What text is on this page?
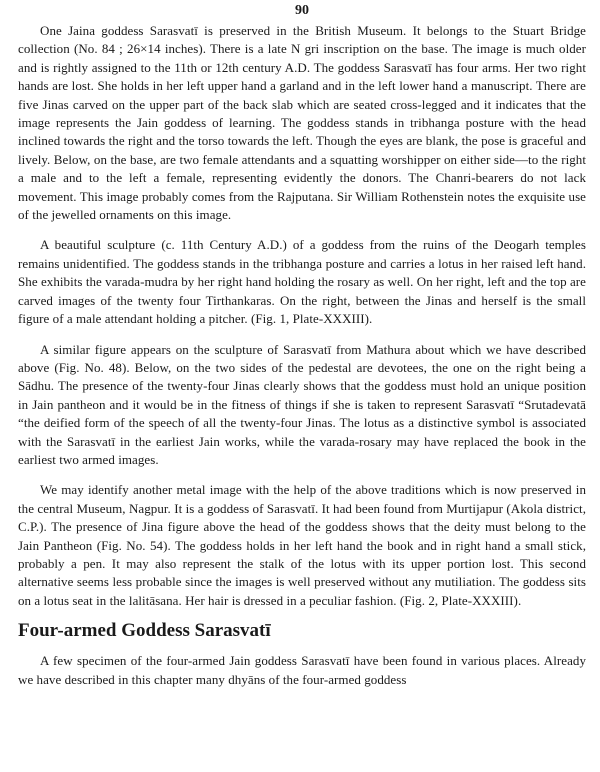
90

One Jaina goddess Sarasvatī is preserved in the British Museum. It belongs to the Stuart Bridge collection (No. 84 ; 26×14 inches). There is a late N gri inscription on the base. The image is much older and is rightly assigned to the 11th or 12th century A.D. The goddess Sarasvatī has four arms. Her two right hands are lost. She holds in her left upper hand a garland and in the left lower hand a manuscript. There are five Jinas carved on the upper part of the back slab which are seated cross-legged and it indicates that the image represents the Jain goddess of learning. The goddess stands in tribhanga posture with the head inclined towards the right and the torso towards the left. Though the eyes are blank, the pose is graceful and lively. Below, on the base, are two female attendants and a squatting worshipper on either side—to the right a male and to the left a female, representing evidently the donors. The Chanri-bearers do not lack movement. This image probably comes from the Rajputana. Sir William Rothenstein notes the exquisite use of the jewelled ornaments on this image.

A beautiful sculpture (c. 11th Century A.D.) of a goddess from the ruins of the Deogarh temples remains unidentified. The goddess stands in the tribhanga posture and carries a lotus in her raised left hand. She exhibits the varada-mudra by her right hand holding the rosary as well. On her right, left and the top are carved images of the twenty four Tirthankaras. On the right, between the Jinas and herself is the small figure of a male attendant holding a pitcher. (Fig. 1, Plate-XXXIII).

A similar figure appears on the sculpture of Sarasvatī from Mathura about which we have described above (Fig. No. 48). Below, on the two sides of the pedestal are devotees, the one on the right being a Sādhu. The presence of the twenty-four Jinas clearly shows that the goddess must hold an unique position in Jain pantheon and it would be in the fitness of things if she is taken to represent Sarasvatī “Srutadevatā “the deified form of the speech of all the twenty-four Jinas. The lotus as a distinctive symbol is associated with the Sarasvatī in the earliest Jain works, while the varada-rosary may have replaced the book in the earliest two armed images.

We may identify another metal image with the help of the above traditions which is now preserved in the central Museum, Nagpur. It is a goddess of Sarasvatī. It had been found from Murtijapur (Akola district, C.P.). The presence of Jina figure above the head of the goddess shows that the deity must belong to the Jain Pantheon (Fig. No. 54). The goddess holds in her left hand the book and in right hand a small stick, probably a pen. It may also represent the stalk of the lotus with its upper portion lost. This second alternative seems less probable since the images is well preserved without any mutiliation. The goddess sits on a lotus seat in the lalitāsana. Her hair is dressed in a peculiar fashion. (Fig. 2, Plate-XXXIII).

Four-armed Goddess Sarasvatī

A few specimen of the four-armed Jain goddess Sarasvatī have been found in various places. Already we have described in this chapter many dhyāns of the four-armed goddess
